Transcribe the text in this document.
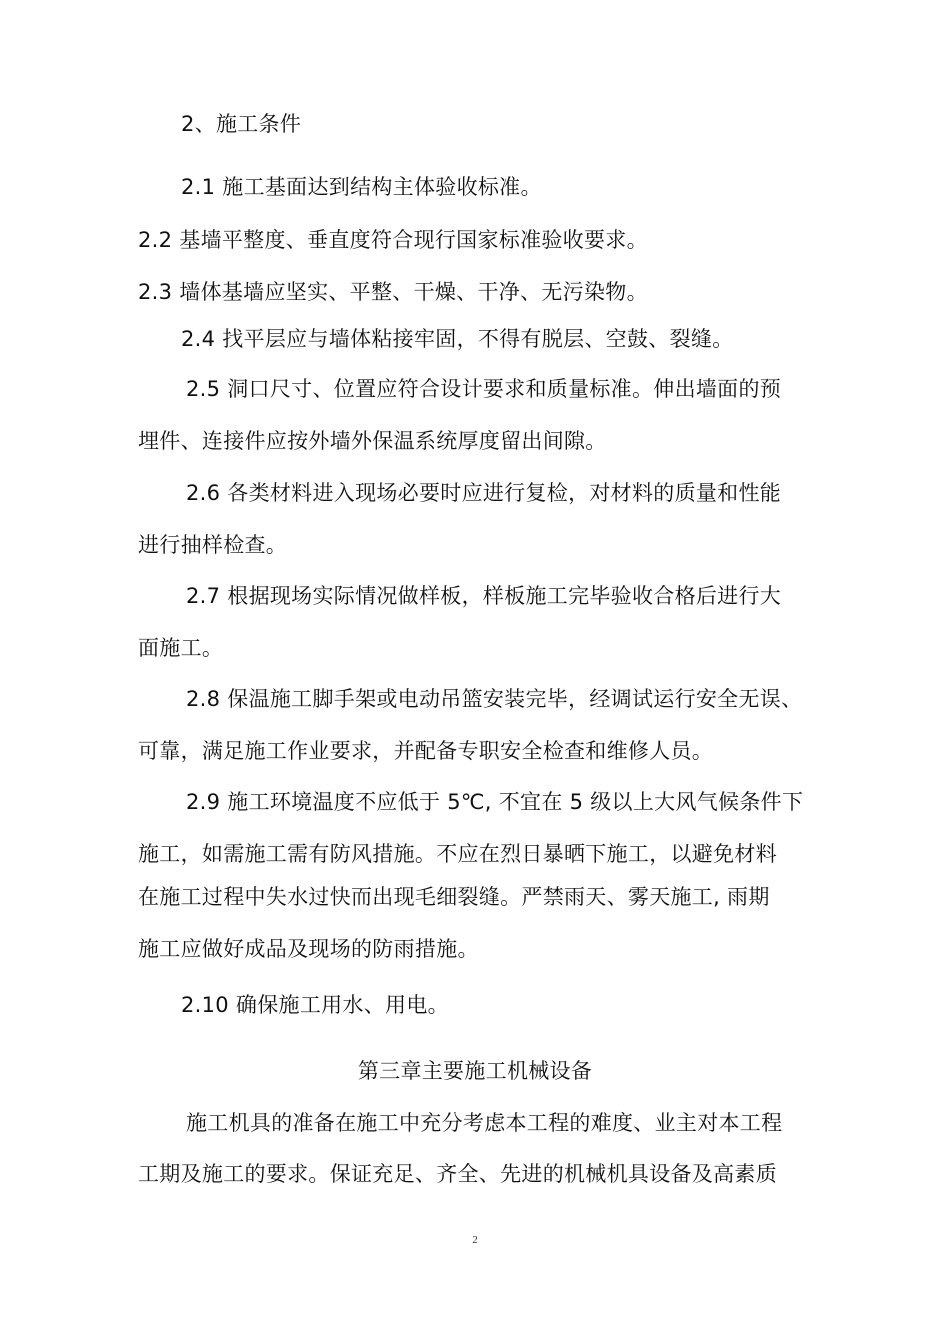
2、施工条件
2.1 施工基面达到结构主体验收标准。
2.2 基墙平整度、垂直度符合现行国家标准验收要求。
2.3 墙体基墙应坚实、平整、干燥、干净、无污染物。
2.4 找平层应与墙体粘接牢固，不得有脱层、空鼓、裂缝。
2.5 洞口尺寸、位置应符合设计要求和质量标准。伸出墙面的预
埋件、连接件应按外墙外保温系统厚度留出间隙。
2.6 各类材料进入现场必要时应进行复检，对材料的质量和性能
进行抽样检查。
2.7 根据现场实际情况做样板，样板施工完毕验收合格后进行大
面施工。
2.8 保温施工脚手架或电动吊篮安装完毕，经调试运行安全无误、
可靠，满足施工作业要求，并配备专职安全检查和维修人员。
2.9 施工环境温度不应低于 5℃, 不宜在 5 级以上大风气候条件下
施工，如需施工需有防风措施。不应在烈日暴晒下施工，以避免材料
在施工过程中失水过快而出现毛细裂缝。严禁雨天、雾天施工, 雨期
施工应做好成品及现场的防雨措施。
2.10 确保施工用水、用电。
第三章主要施工机械设备
施工机具的准备在施工中充分考虑本工程的难度、业主对本工程
工期及施工的要求。保证充足、齐全、先进的机械机具设备及高素质
2
